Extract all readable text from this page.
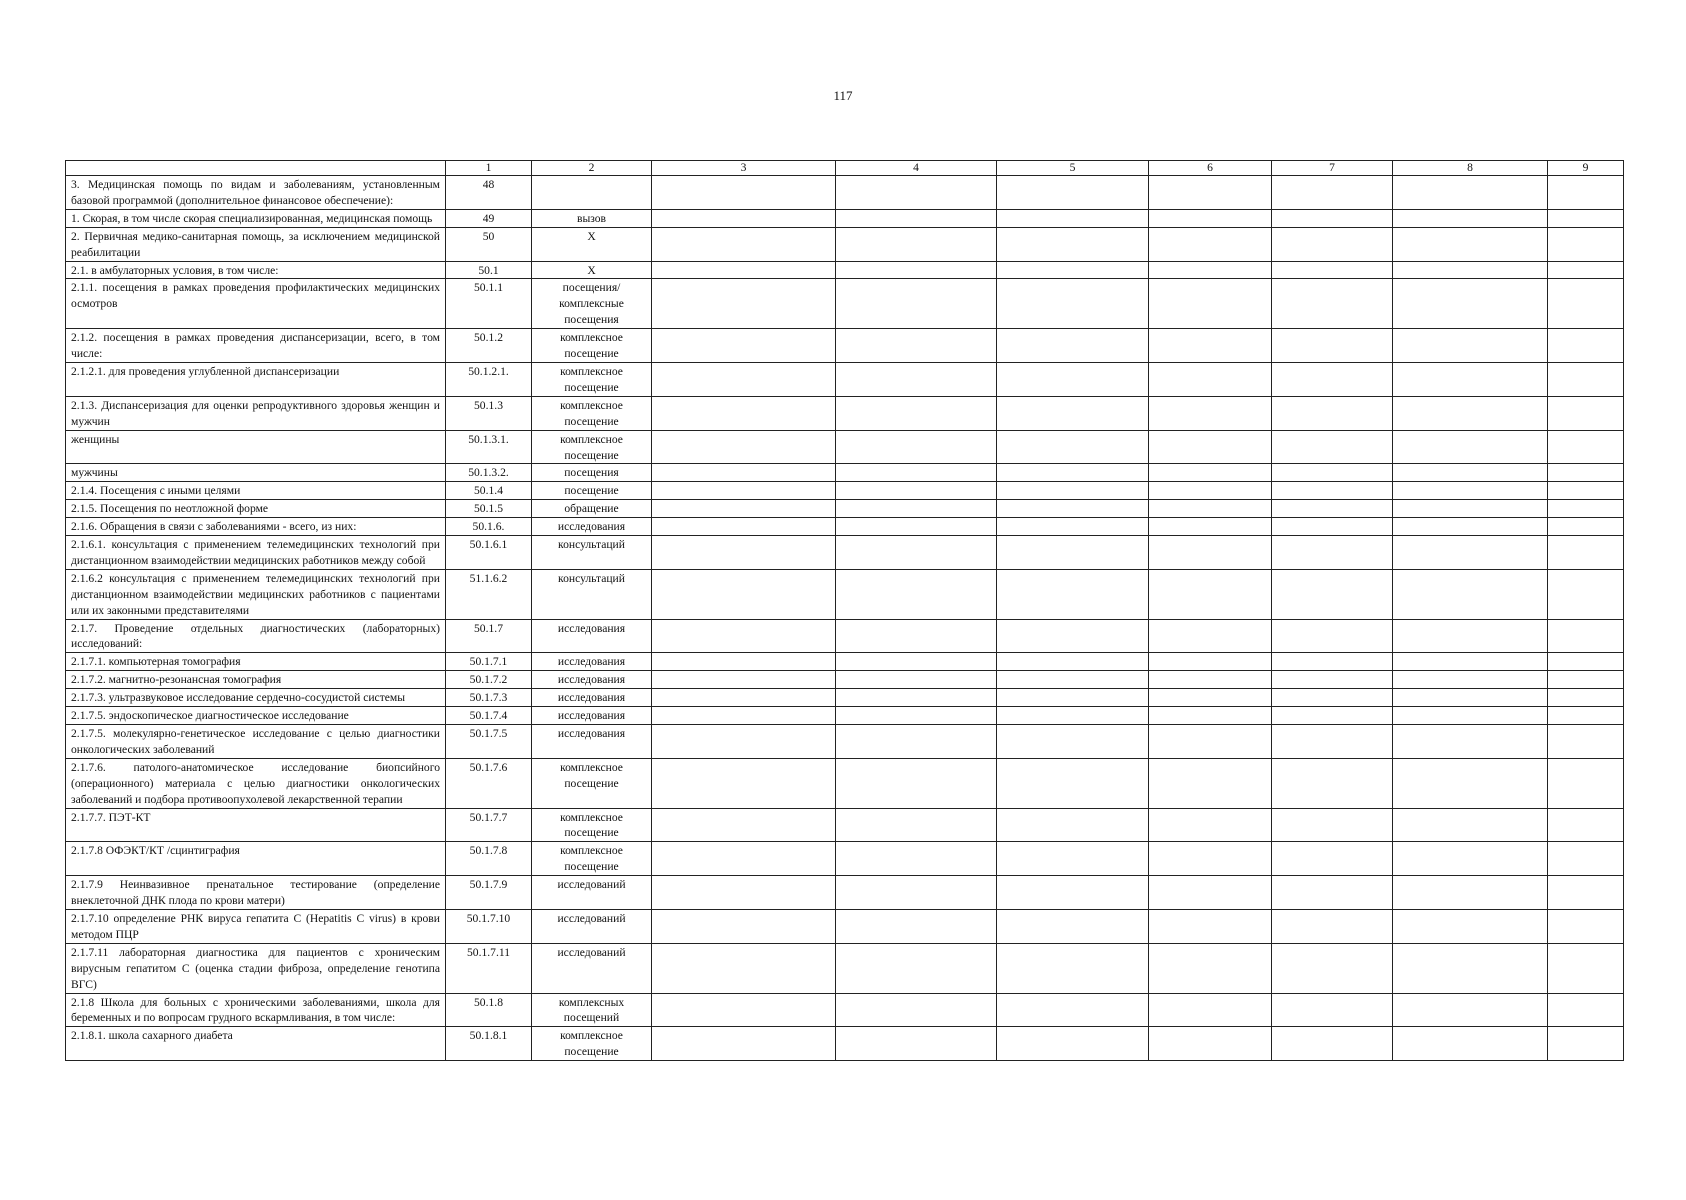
117
	1	2	3	4	5	6	7	8	9
3. Медицинская помощь по видам и заболеваниям, установленным базовой программой (дополнительное финансовое обеспечение):	48								
1. Скорая, в том числе скорая специализированная, медицинская помощь	49	вызов							
2. Первичная медико-санитарная помощь, за исключением медицинской реабилитации	50	X							
2.1. в амбулаторных условия, в том числе:	50.1	X							
2.1.1. посещения в рамках проведения профилактических медицинских осмотров	50.1.1	посещения/ комплексные посещения							
2.1.2. посещения в рамках проведения диспансеризации, всего, в том числе:	50.1.2	комплексное посещение							
2.1.2.1. для проведения углубленной диспансеризации	50.1.2.1.	комплексное посещение							
2.1.3. Диспансеризация для оценки репродуктивного здоровья женщин и мужчин	50.1.3	комплексное посещение							
женщины	50.1.3.1.	комплексное посещение							
мужчины	50.1.3.2.	посещения							
2.1.4. Посещения с иными целями	50.1.4	посещение							
2.1.5. Посещения по неотложной форме	50.1.5	обращение							
2.1.6. Обращения в связи с заболеваниями - всего, из них:	50.1.6.	исследования							
2.1.6.1. консультация с применением телемедицинских технологий при дистанционном взаимодействии медицинских работников между собой	50.1.6.1	консультаций							
2.1.6.2 консультация с применением телемедицинских технологий при дистанционном взаимодействии медицинских работников с пациентами или их законными представителями	51.1.6.2	консультаций							
2.1.7. Проведение отдельных диагностических (лабораторных) исследований:	50.1.7	исследования							
2.1.7.1. компьютерная томография	50.1.7.1	исследования							
2.1.7.2. магнитно-резонансная томография	50.1.7.2	исследования							
2.1.7.3. ультразвуковое исследование сердечно-сосудистой системы	50.1.7.3	исследования							
2.1.7.5. эндоскопическое диагностическое исследование	50.1.7.4	исследования							
2.1.7.5. молекулярно-генетическое исследование с целью диагностики онкологических заболеваний	50.1.7.5	исследования							
2.1.7.6. патолого-анатомическое исследование биопсийного (операционного) материала с целью диагностики онкологических заболеваний и подбора противоопухолевой лекарственной терапии	50.1.7.6	комплексное посещение							
2.1.7.7. ПЭТ-КТ	50.1.7.7	комплексное посещение							
2.1.7.8 ОФЭКТ/КТ /сцинтиграфия	50.1.7.8	комплексное посещение							
2.1.7.9 Неинвазивное пренатальное тестирование (определение внеклеточной ДНК плода по крови матери)	50.1.7.9	исследований							
2.1.7.10 определение РНК вируса гепатита С (Hepatitis С virus) в крови методом ПЦР	50.1.7.10	исследований							
2.1.7.11 лабораторная диагностика для пациентов с хроническим вирусным гепатитом С (оценка стадии фиброза, определение генотипа ВГС)	50.1.7.11	исследований							
2.1.8 Школа для больных с хроническими заболеваниями, школа для беременных и по вопросам грудного вскармливания, в том числе:	50.1.8	комплексных посещений							
2.1.8.1. школа сахарного диабета	50.1.8.1	комплексное посещение							
